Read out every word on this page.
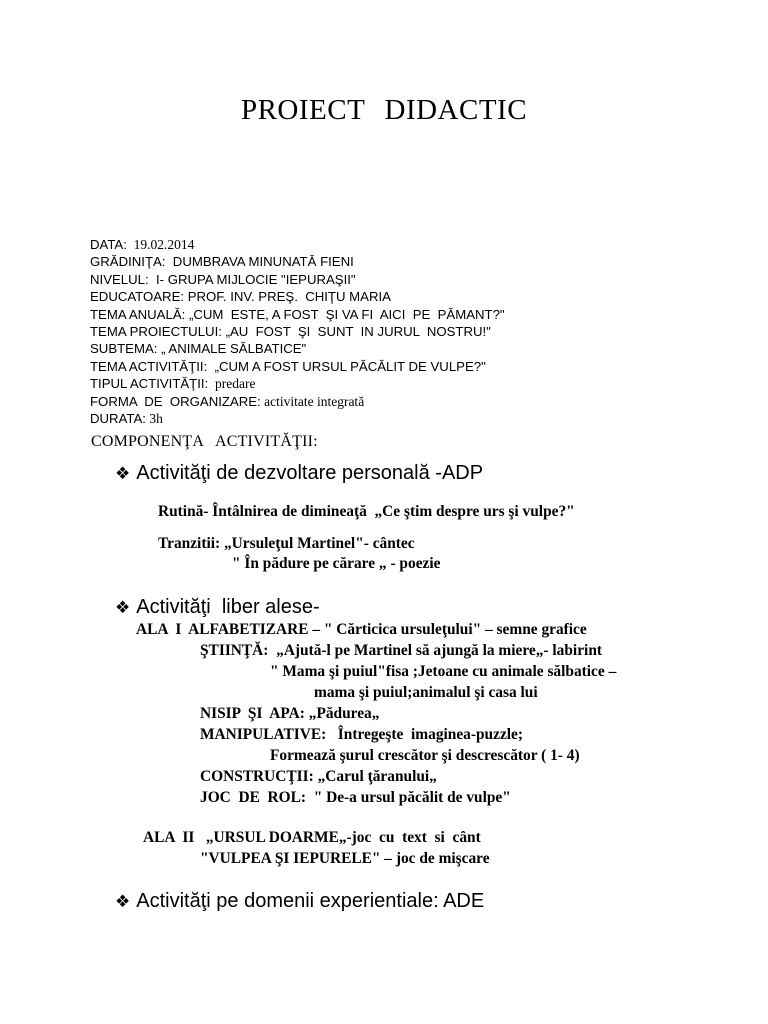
PROIECT DIDACTIC
DATA:  19.02.2014
GRĂDINIŢA:  DUMBRAVA MINUNATĂ FIENI
NIVELUL:  I- GRUPA MIJLOCIE "IEPURAŞII"
EDUCATOARE: PROF. INV. PREŞ.  CHIŢU MARIA
TEMA ANUALĂ: „CUM  ESTE, A FOST  ŞI VA FI  AICI  PE  PĂMANT?"
TEMA PROIECTULUI: „AU  FOST  ŞI  SUNT  IN JURUL  NOSTRU!"
SUBTEMA: „ ANIMALE SĂLBATICE"
TEMA ACTIVITĂŢII:  „CUM A FOST URSUL PĂCĂLIT DE VULPE?"
TIPUL ACTIVITĂŢII:  predare
FORMA  DE  ORGANIZARE: activitate integrată
DURATA: 3h
COMPONENŢA   ACTIVITĂŢII:
❖ Activităţi de dezvoltare personală -ADP
Rutină- Întâlnirea de dimineaţă  „Ce ştim despre urs şi vulpe?"
Tranzitii: „Ursuleţul Martinel"- cântec
" În pădure pe cărare „ - poezie
❖ Activităţi  liber alese-
ALA  I  ALFABETIZARE – " Cărticica ursuleţului" – semne grafice
ŞTIINŢĂ:  „Ajută-l pe Martinel să ajungă la miere„- labirint
" Mama şi puiul"fisa ;Jetoane cu animale sălbatice –
mama şi puiul;animalul şi casa lui
NISIP  ŞI  APA: „Pădurea„
MANIPULATIVE:   Întregeşte  imaginea-puzzle;
Formează şurul crescător şi descrescător ( 1- 4)
CONSTRUCŢII: „Carul ţăranului„
JOC  DE  ROL:  " De-a ursul păcălit de vulpe"
ALA  II   „URSUL DOARME„-joc  cu  text  si  cânt
"VULPEA ŞI IEPURELE" – joc de mişcare
❖ Activităţi pe domenii experientiale: ADE
